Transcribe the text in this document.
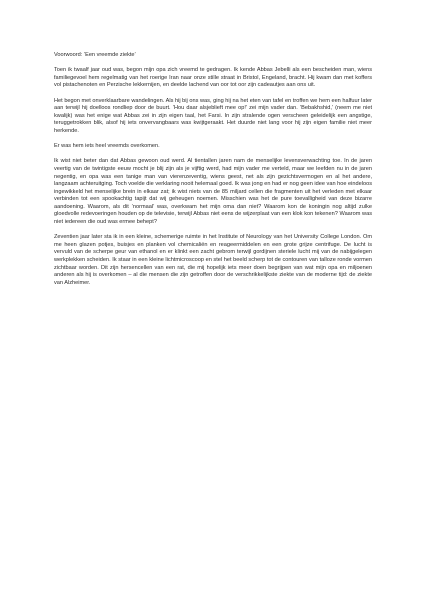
Voorwoord: ‘Een vreemde ziekte’

Toen ik twaalf jaar oud was, begon mijn opa zich vreemd te gedragen. Ik kende Abbas Jebelli als een bescheiden man, wiens familiegevoel hem regelmatig van het roerige Iran naar onze stille straat in Bristol, Engeland, bracht. Hij kwam dan met koffers vol pistachenoten en Perzische lekkernijen, en deelde lachend van oor tot oor zijn cadeautjes aan ons uit.

Het begon met onverklaarbare wandelingen. Als hij bij ons was, ging hij na het eten van tafel en troffen we hem een halfuur later aan terwijl hij doelloos rondliep door de buurt. ‘Hou daar alsjeblieft mee op!’ zei mijn vader dan. ‘Bebakhshid,’ (neem me niet kwalijk) was het enige wat Abbas zei in zijn eigen taal, het Farsi. In zijn stralende ogen verscheen geleidelijk een angstige, teruggetrokken blik, alsof hij iets onvervangbaars was kwijtgeraakt. Het duurde niet lang voor hij zijn eigen familie niet meer herkende.

Er was hem iets heel vreemds overkomen.

Ik wist niet beter dan dat Abbas gewoon oud werd. Al tientallen jaren nam de menselijke levensverwachting toe. In de jaren veertig van de twintigste eeuw mocht je blij zijn als je vijftig werd, had mijn vader me verteld, maar we leefden nu in de jaren negentig, en opa was een tanige man van vierenzeventig, wiens geest, net als zijn gezichtsvermogen en al het andere, langzaam achteruitging. Toch voelde die verklaring nooit helemaal goed. Ik was jong en had er nog geen idee van hoe eindeloos ingewikkeld het menselijke brein in elkaar zat; ik wist niets van de 85 miljard cellen die fragmenten uit het verleden met elkaar verbinden tot een spookachtig tapijt dat wij geheugen noemen. Misschien was het de pure toevalligheid van deze bizarre aandoening. Waarom, als dit ‘normaal’ was, overkwam het mijn oma dan niet? Waarom kon de koningin nog altijd zulke gloedvolle redevoeringen houden op de televisie, terwijl Abbas niet eens de wijzerplaat van een klok kon tekenen? Waarom was niet iedereen die oud was ermee behept?

Zeventien jaar later sta ik in een kleine, schemerige ruimte in het Institute of Neurology van het University College London. Om me heen glazen potjes, buisjes en planken vol chemicaliën en reageermiddelen en een grote grijze centrifuge. De lucht is vervuld van de scherpe geur van ethanol en er klinkt een zacht gebrom terwijl gordijnen steriele lucht mij van de nabijgelegen werkplekken scheiden. Ik staar in een kleine lichtmicroscoop en stel het beeld scherp tot de contouren van talloze ronde vormen zichtbaar worden. Dit zijn hersencellen van een rat, die mij hopelijk iets meer doen begrijpen van wat mijn opa en miljoenen anderen als hij is overkomen – al die mensen die zijn getroffen door de verschrikkelijkste ziekte van de moderne tijd: de ziekte van Alzheimer.
